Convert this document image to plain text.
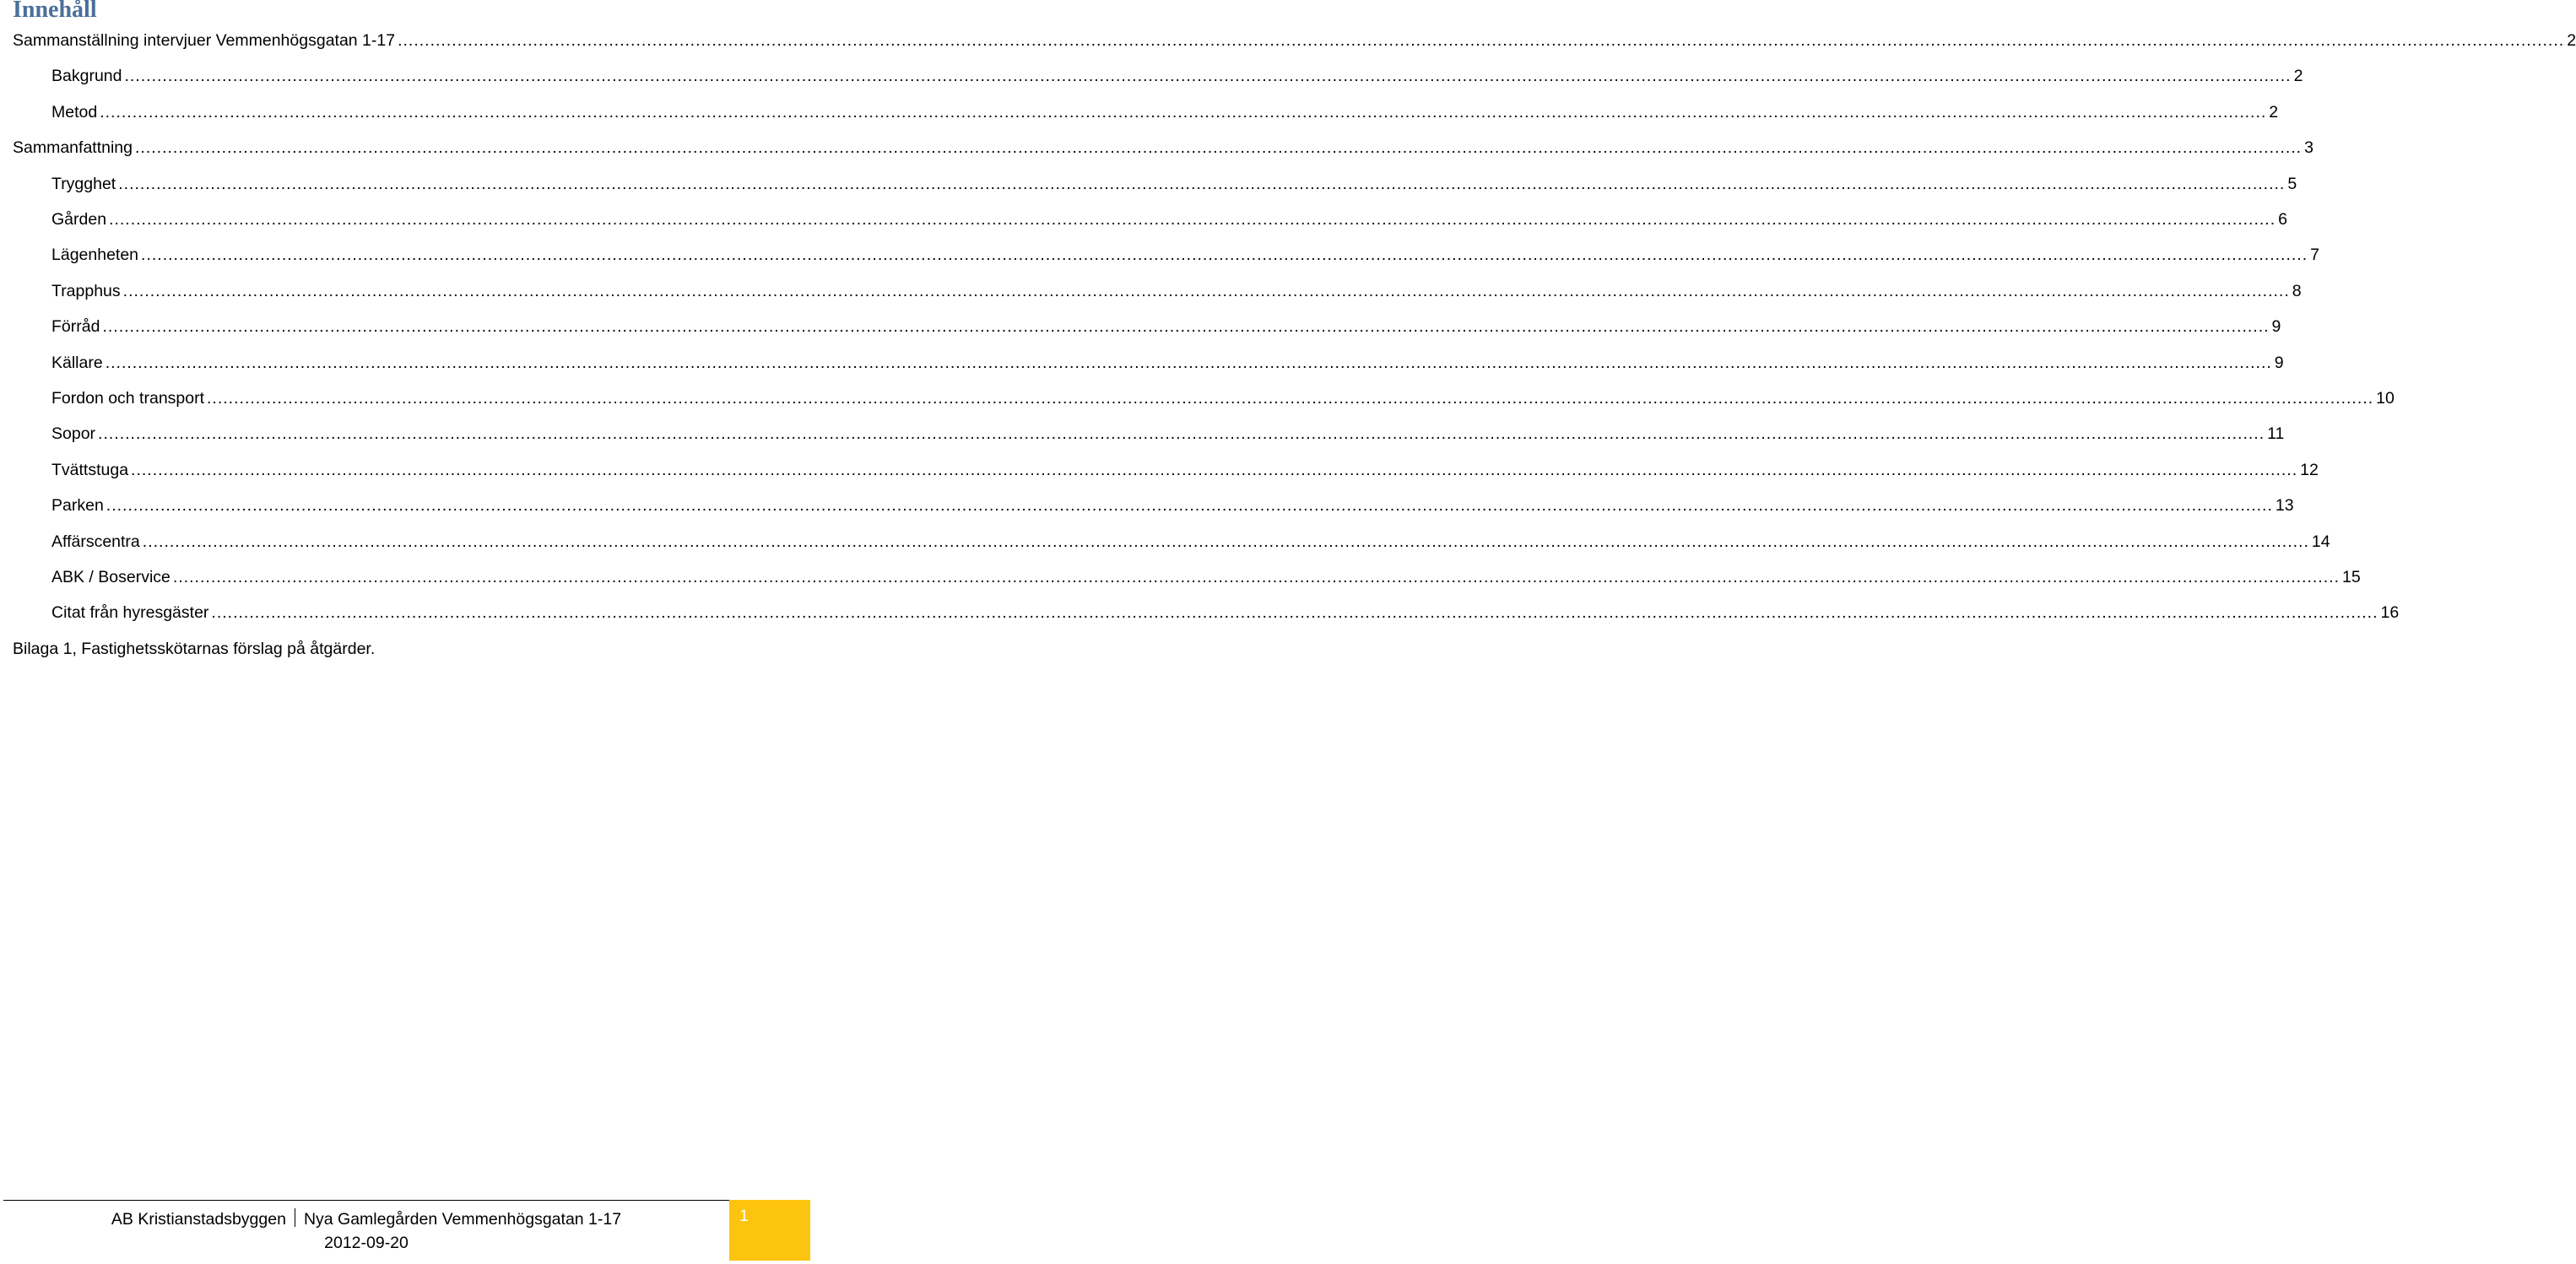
Innehåll
Sammanställning intervjuer Vemmenhögsgatan 1-17 ................................................................................................................................................................................................................................................................................................................................................................................................................ 2
Bakgrund ................................................................................................................................................................................................................................................................................................................................................................................................................ 2
Metod ................................................................................................................................................................................................................................................................................................................................................................................................................ 2
Sammanfattning ................................................................................................................................................................................................................................................................................................................................................................................................................ 3
Trygghet ................................................................................................................................................................................................................................................................................................................................................................................................................ 5
Gården ................................................................................................................................................................................................................................................................................................................................................................................................................ 6
Lägenheten ................................................................................................................................................................................................................................................................................................................................................................................................................ 7
Trapphus ................................................................................................................................................................................................................................................................................................................................................................................................................ 8
Förråd ................................................................................................................................................................................................................................................................................................................................................................................................................ 9
Källare ................................................................................................................................................................................................................................................................................................................................................................................................................ 9
Fordon och transport ................................................................................................................................................................................................................................................................................................................................................................................................................ 10
Sopor ................................................................................................................................................................................................................................................................................................................................................................................................................ 11
Tvättstuga ................................................................................................................................................................................................................................................................................................................................................................................................................ 12
Parken ................................................................................................................................................................................................................................................................................................................................................................................................................ 13
Affärscentra ................................................................................................................................................................................................................................................................................................................................................................................................................ 14
ABK / Boservice ................................................................................................................................................................................................................................................................................................................................................................................................................ 15
Citat från hyresgäster ................................................................................................................................................................................................................................................................................................................................................................................................................ 16
Bilaga 1, Fastighetsskötarnas förslag på åtgärder.
AB Kristianstadsbyggen Nya Gamlegården Vemmenhögsgatan 1-17
2012-09-20
1
